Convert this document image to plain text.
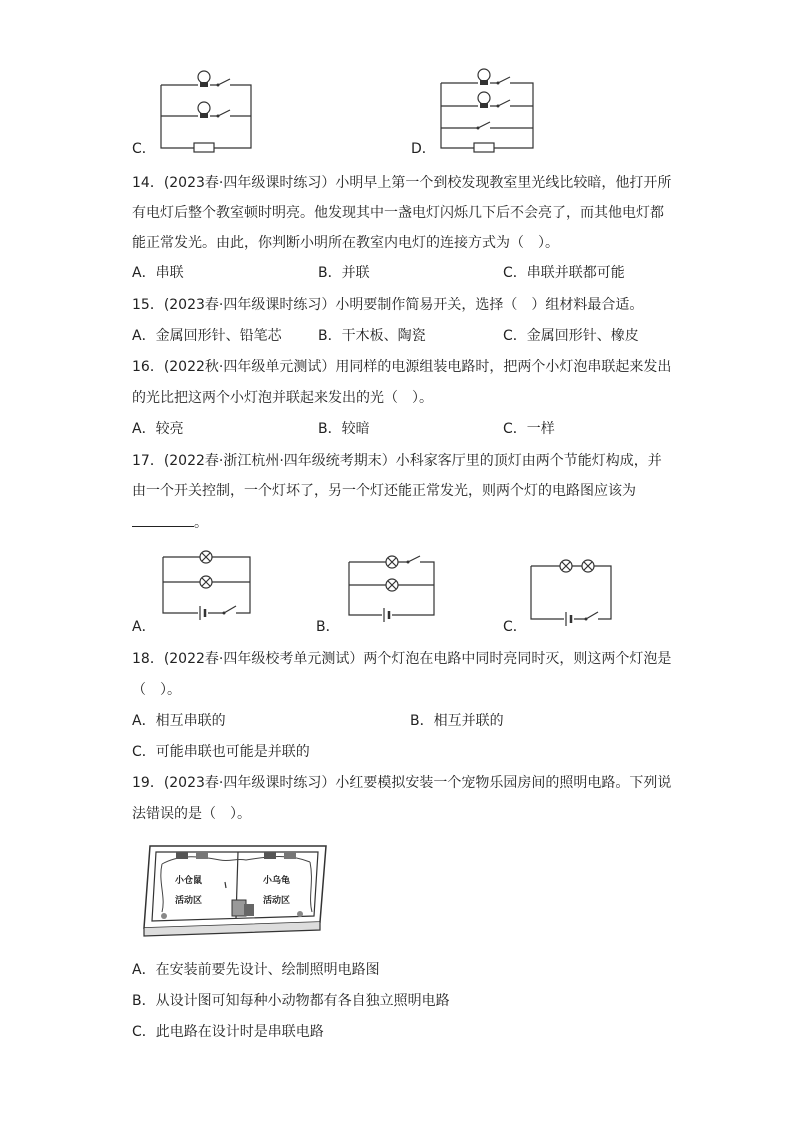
C．	D．
14．(2023春·四年级课时练习）小明早上第一个到校发现教室里光线比较暗，他打开所
有电灯后整个教室顿时明亮。他发现其中一盏电灯闪烁几下后不会亮了，而其他电灯都
能正常发光。由此，你判断小明所在教室内电灯的连接方式为（　）。
A．串联	B．并联	C．串联并联都可能
15．(2023春·四年级课时练习）小明要制作简易开关，选择（　）组材料最合适。
A．金属回形针、铅笔芯	B．干木板、陶瓷	C．金属回形针、橡皮
16．(2022秋·四年级单元测试）用同样的电源组装电路时，把两个小灯泡串联起来发出
的光比把这两个小灯泡并联起来发出的光（　）。
A．较亮	B．较暗	C．一样
17．(2022春·浙江杭州·四年级统考期末）小科家客厅里的顶灯由两个节能灯构成，并
由一个开关控制，一个灯坏了，另一个灯还能正常发光，则两个灯的电路图应该为
。
A．	B．	C．
18．(2022春·四年级校考单元测试）两个灯泡在电路中同时亮同时灭，则这两个灯泡是
（　）。
A．相互串联的	B．相互并联的
C．可能串联也可能是并联的
19．(2023春·四年级课时练习）小红要模拟安装一个宠物乐园房间的照明电路。下列说
法错误的是（　）。
小仓鼠
活动区
小乌龟
活动区
A．在安装前要先设计、绘制照明电路图
B．从设计图可知每种小动物都有各自独立照明电路
C．此电路在设计时是串联电路
